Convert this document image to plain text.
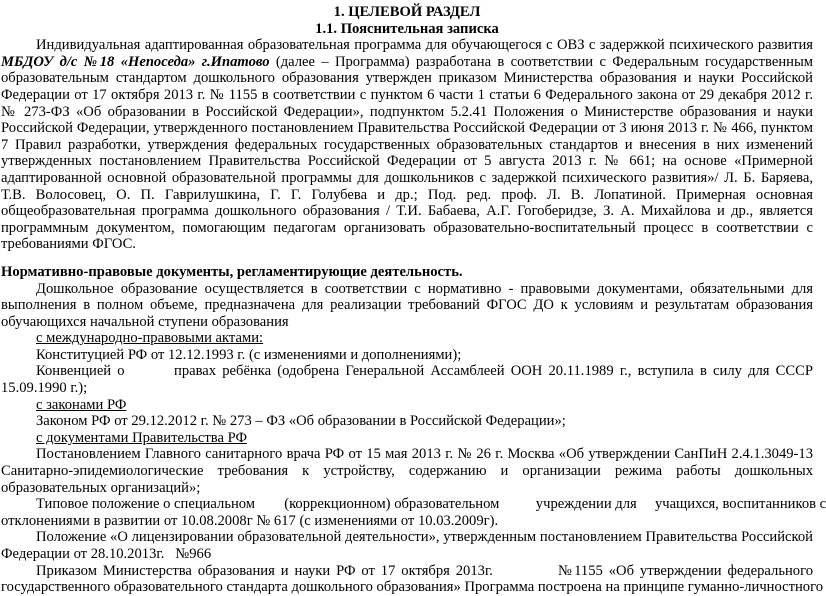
1. ЦЕЛЕВОЙ РАЗДЕЛ
1.1. Пояснительная записка

Индивидуальная адаптированная образовательная программа для обучающегося с ОВЗ с задержкой психического развития МБДОУ д/с №18 «Непоседа» г.Ипатово (далее – Программа) разработана в соответствии с Федеральным государственным образовательным стандартом дошкольного образования утвержден приказом Министерства образования и науки Российской Федерации от 17 октября 2013 г. № 1155 в соответствии с пунктом 6 части 1 статьи 6 Федерального закона от 29 декабря 2012 г. № 273-ФЗ «Об образовании в Российской Федерации», подпунктом 5.2.41 Положения о Министерстве образования и науки Российской Федерации, утвержденного постановлением Правительства Российской Федерации от 3 июня 2013 г. № 466, пунктом 7 Правил разработки, утверждения федеральных государственных образовательных стандартов и внесения в них изменений утвержденных постановлением Правительства Российской Федерации от 5 августа 2013 г. № 661; на основе «Примерной адаптированной основной образовательной программы для дошкольников с задержкой психического развития»/ Л. Б. Баряева, Т.В. Волосовец, О. П. Гаврилушкина, Г. Г. Голубева и др.; Под. ред. проф. Л. В. Лопатиной. Примерная основная общеобразовательная программа дошкольного образования / Т.И. Бабаева, А.Г. Гогоберидзе, З. А. Михайлова и др., является программным документом, помогающим педагогам организовать образовательно-воспитательный процесс в соответствии с требованиями ФГОС.

Нормативно-правовые документы, регламентирующие деятельность.

Дошкольное образование осуществляется в соответствии с нормативно - правовыми документами, обязательными для выполнения в полном объеме, предназначена для реализации требований ФГОС ДО к условиям и результатам образования обучающихся начальной ступени образования

с международно-правовыми актами:

Конституцией РФ от 12.12.1993 г. (с изменениями и дополнениями);

Конвенцией о        правах ребёнка (одобрена Генеральной Ассамблеей ООН 20.11.1989 г., вступила в силу для СССР
15.09.1990 г.);

с законами РФ

Законом РФ от 29.12.2012 г. № 273 – ФЗ «Об образовании в Российской Федерации»;

с документами Правительства РФ

Постановлением Главного санитарного врача РФ от 15 мая 2013 г. № 26 г. Москва «Об утверждении СанПиН 2.4.1.3049-13 Санитарно-эпидемиологические требования к устройству, содержанию и организации режима работы дошкольных образовательных организаций»;

Типовое положение о специальном        (коррекционном) образовательном          учреждении для     учащихся, воспитанников с
отклонениями в развитии от 10.08.2008г № 617 (с изменениями от 10.03.2009г).

Положение «О лицензировании образовательной деятельности», утвержденным постановлением Правительства Российской Федерации от 28.10.2013г.   №966

Приказом Министерства образования и науки РФ от 17 октября 2013г.           №1155 «Об утверждении федерального
государственного образовательного стандарта дошкольного образования» Программа построена на принципе гуманно-личностного
